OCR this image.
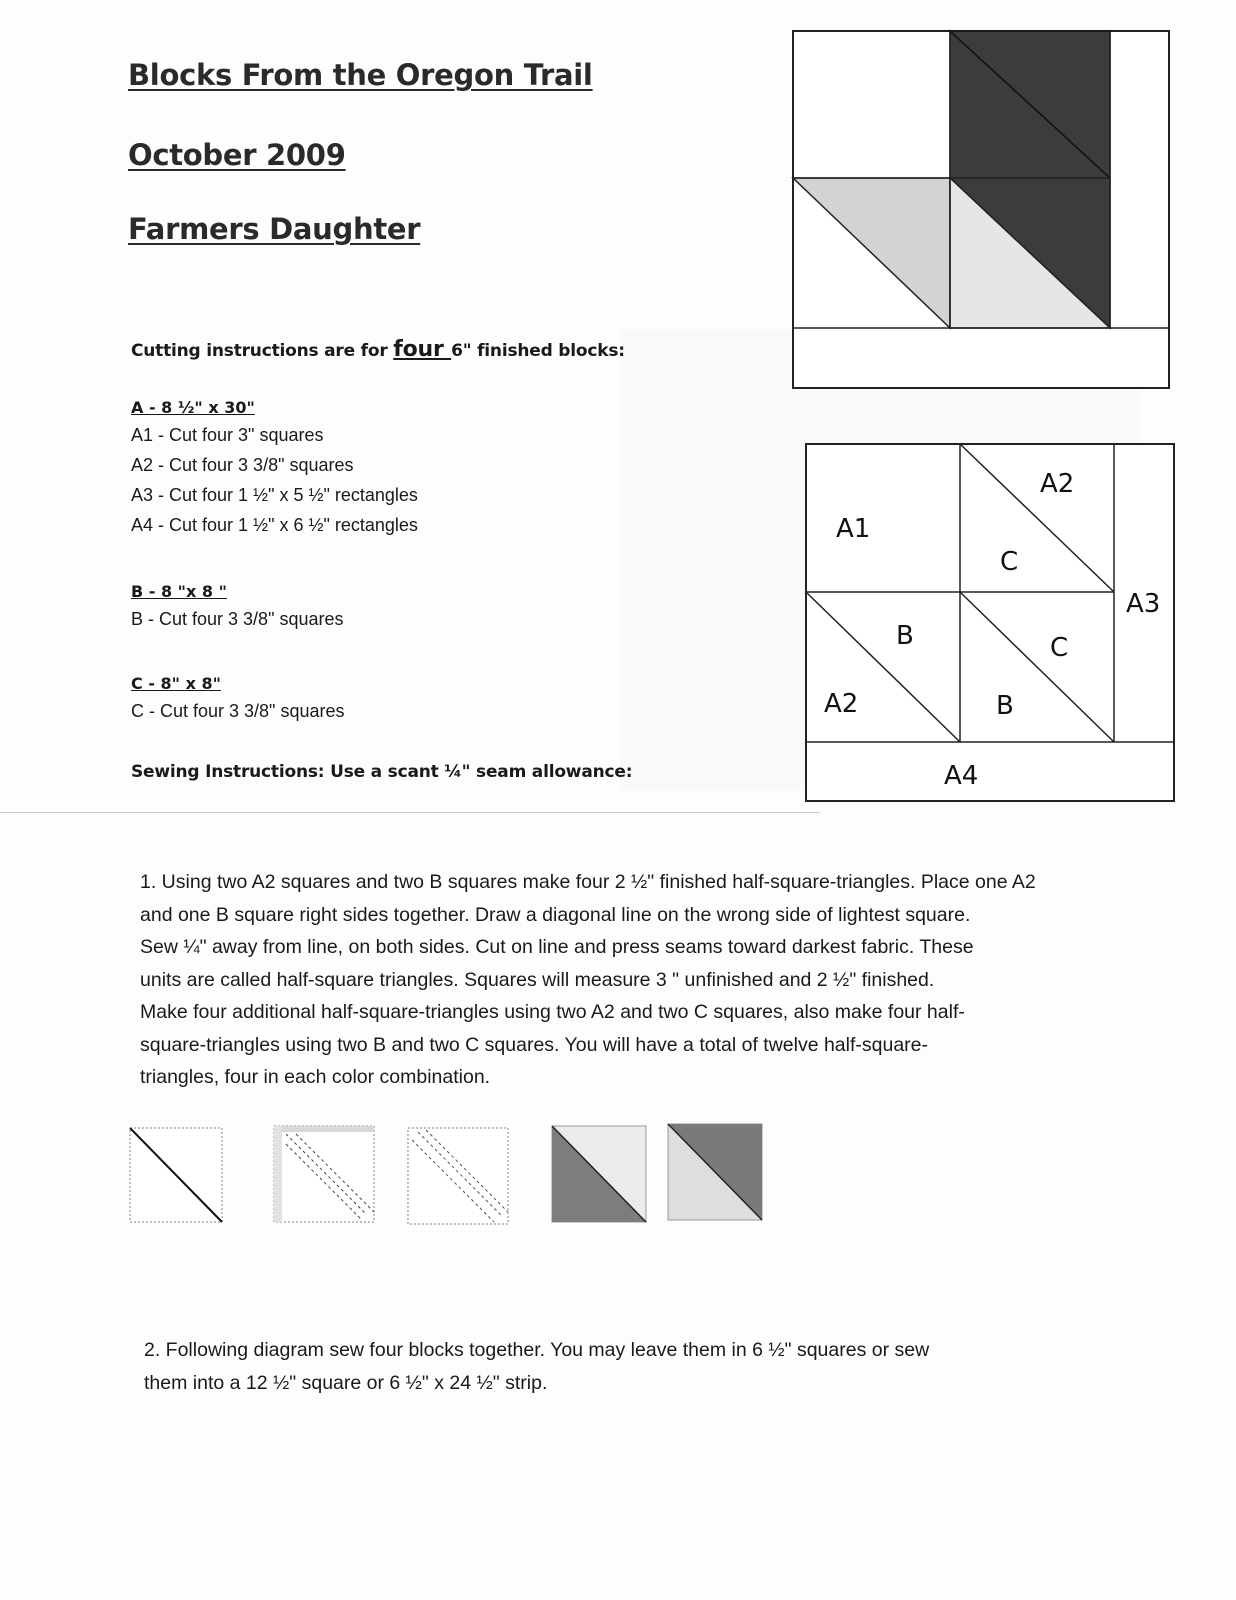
Blocks From the Oregon Trail
October 2009
Farmers Daughter
Cutting instructions are for four 6" finished blocks:
A - 8 ½" x 30"
A1 - Cut four 3" squares
A2 - Cut four 3 3/8" squares
A3 - Cut four 1 ½" x 5 ½" rectangles
A4 - Cut four 1 ½" x 6 ½" rectangles
B - 8 "x 8 "
B - Cut four 3 3/8" squares
C - 8" x 8"
C - Cut four 3 3/8" squares
Sewing Instructions: Use a scant ¼" seam allowance:
A1
A2
C
A3
B	C
A2	B
A4

1. Using two A2 squares and two B squares make four 2 ½" finished half-square-triangles. Place one A2

and one B square right sides together. Draw a diagonal line on the wrong side of lightest square.

Sew ¼" away from line, on both sides. Cut on line and press seams toward darkest fabric. These

units are called half-square triangles. Squares will measure 3 " unfinished and 2 ½" finished.

Make four additional half-square-triangles using two A2 and two C squares, also make four half-

square-triangles using two B and two C squares. You will have a total of twelve half-square-

triangles, four in each color combination.

2. Following diagram sew four blocks together. You may leave them in 6 ½" squares or sew

them into a 12 ½" square or 6 ½" x 24 ½" strip.
